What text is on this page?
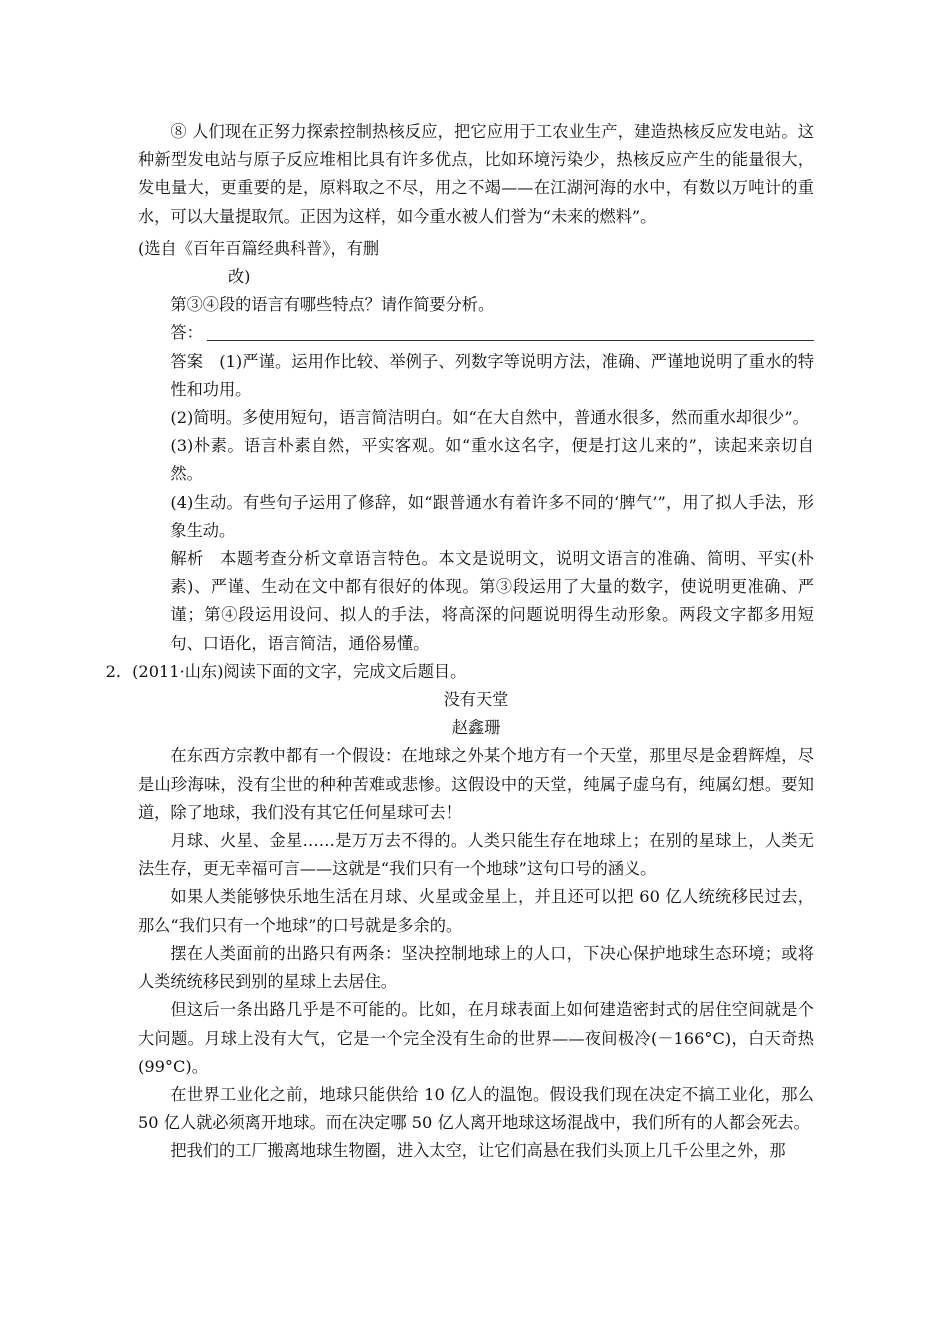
⑧ 人们现在正努力探索控制热核反应，把它应用于工农业生产，建造热核反应发电站。这种新型发电站与原子反应堆相比具有许多优点，比如环境污染少，热核反应产生的能量很大，发电量大，更重要的是，原料取之不尽，用之不竭——在江湖河海的水中，有数以万吨计的重水，可以大量提取氘。正因为这样，如今重水被人们誉为“未来的燃料”。

(选自《百年百篇经典科普》，有删

改)

第③④段的语言有哪些特点？请作简要分析。

答：

答案 (1)严谨。运用作比较、举例子、列数字等说明方法，准确、严谨地说明了重水的特性和功用。

(2)简明。多使用短句，语言简洁明白。如“在大自然中，普通水很多，然而重水却很少”。

(3)朴素。语言朴素自然，平实客观。如“重水这名字，便是打这儿来的”，读起来亲切自然。

(4)生动。有些句子运用了修辞，如“跟普通水有着许多不同的‘脾气’”，用了拟人手法，形象生动。

解析 本题考查分析文章语言特色。本文是说明文，说明文语言的准确、简明、平实(朴素)、严谨、生动在文中都有很好的体现。第③段运用了大量的数字，使说明更准确、严谨；第④段运用设问、拟人的手法，将高深的问题说明得生动形象。两段文字都多用短句、口语化，语言简洁，通俗易懂。

2．(2011·山东)阅读下面的文字，完成文后题目。

没有天堂

赵鑫珊

在东西方宗教中都有一个假设：在地球之外某个地方有一个天堂，那里尽是金碧辉煌，尽是山珍海味，没有尘世的种种苦难或悲惨。这假设中的天堂，纯属子虚乌有，纯属幻想。要知道，除了地球，我们没有其它任何星球可去！

月球、火星、金星……是万万去不得的。人类只能生存在地球上；在别的星球上，人类无法生存，更无幸福可言——这就是“我们只有一个地球”这句口号的涵义。

如果人类能够快乐地生活在月球、火星或金星上，并且还可以把 60 亿人统统移民过去，那么“我们只有一个地球”的口号就是多余的。

摆在人类面前的出路只有两条：坚决控制地球上的人口，下决心保护地球生态环境；或将人类统统移民到别的星球上去居住。

但这后一条出路几乎是不可能的。比如，在月球表面上如何建造密封式的居住空间就是个大问题。月球上没有大气，它是一个完全没有生命的世界——夜间极冷(－166°C)，白天奇热(99°C)。

在世界工业化之前，地球只能供给 10 亿人的温饱。假设我们现在决定不搞工业化，那么 50 亿人就必须离开地球。而在决定哪 50 亿人离开地球这场混战中，我们所有的人都会死去。

把我们的工厂搬离地球生物圈，进入太空，让它们高悬在我们头顶上几千公里之外，那
